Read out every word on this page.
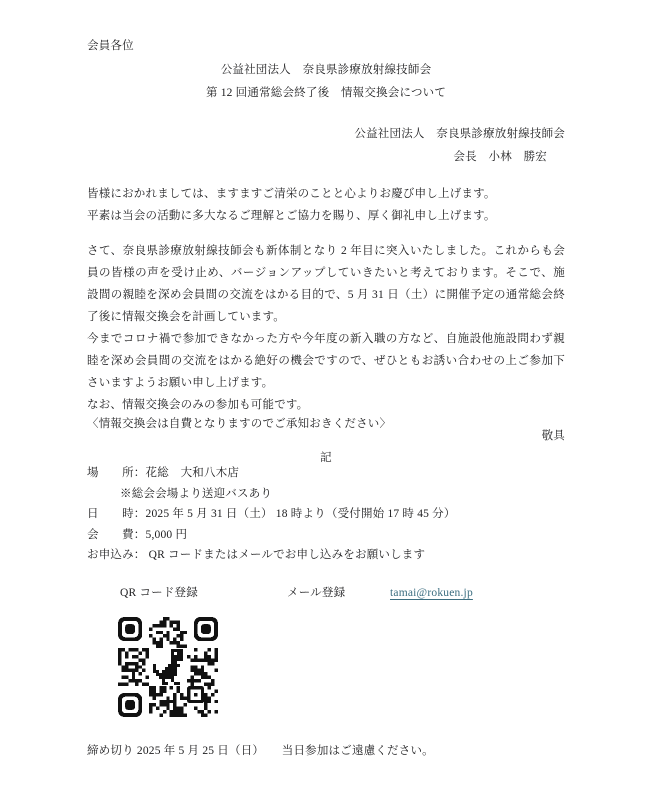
会員各位
公益社団法人　奈良県診療放射線技師会
第 12 回通常総会終了後　情報交換会について
公益社団法人　奈良県診療放射線技師会
会長　小林　勝宏
皆様におかれましては、ますますご清栄のことと心よりお慶び申し上げます。
平素は当会の活動に多大なるご理解とご協力を賜り、厚く御礼申し上げます。
さて、奈良県診療放射線技師会も新体制となり 2 年目に突入いたしました。これからも会
員の皆様の声を受け止め、バージョンアップしていきたいと考えております。そこで、施
設間の親睦を深め会員間の交流をはかる目的で、5 月 31 日（土）に開催予定の通常総会終
了後に情報交換会を計画しています。
今までコロナ禍で参加できなかった方や今年度の新入職の方など、自施設他施設問わず親
睦を深め会員間の交流をはかる絶好の機会ですので、ぜひともお誘い合わせの上ご参加下
さいますようお願い申し上げます。
なお、情報交換会のみの参加も可能です。
〈情報交換会は自費となりますのでご承知おきください〉
敬具
記
場　　所：花総　大和八木店
※総会会場より送迎バスあり
日　　時：2025 年 5 月 31 日（土） 18 時より（受付開始 17 時 45 分）
会　　費：5,000 円
お申込み： QR コードまたはメールでお申し込みをお願いします
QR コード登録	メール登録	tamai@rokuen.jp
締め切り 2025 年 5 月 25 日（日）　　当日参加はご遠慮ください。
